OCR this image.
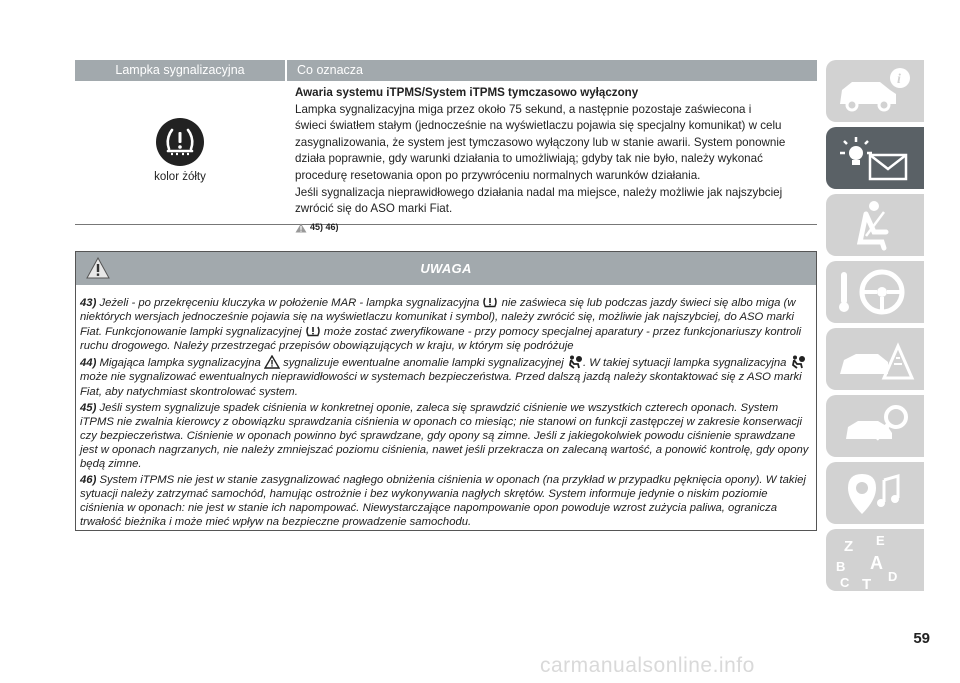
Lampka sygnalizacyjna	Co oznacza
kolor żółty
Awaria systemu iTPMS/System iTPMS tymczasowo wyłączony
Lampka sygnalizacyjna miga przez około 75 sekund, a następnie pozostaje zaświecona i
świeci światłem stałym (jednocześnie na wyświetlaczu pojawia się specjalny komunikat) w celu
zasygnalizowania, że system jest tymczasowo wyłączony lub w stanie awarii. System ponownie
działa poprawnie, gdy warunki działania to umożliwiają; gdyby tak nie było, należy wykonać
procedurę resetowania opon po przywróceniu normalnych warunków działania.
Jeśli sygnalizacja nieprawidłowego działania nadal ma miejsce, należy możliwie jak najszybciej
zwrócić się do ASO marki Fiat.
45) 46)
UWAGA

43) Jeżeli - po przekręceniu kluczyka w położenie MAR - lampka sygnalizacyjna  nie zaświeca się lub podczas jazdy świeci się albo miga (w niektórych wersjach jednocześnie pojawia się na wyświetlaczu komunikat i symbol), należy zwrócić się, możliwie jak najszybciej, do ASO marki Fiat. Funkcjonowanie lampki sygnalizacyjnej  może zostać zweryfikowane - przy pomocy specjalnej aparatury - przez funkcjonariuszy kontroli ruchu drogowego. Należy przestrzegać przepisów obowiązujących w kraju, w którym się podróżuje

44) Migająca lampka sygnalizacyjna  sygnalizuje ewentualne anomalie lampki sygnalizacyjnej . W takiej sytuacji lampka sygnalizacyjna  może nie sygnalizować ewentualnych nieprawidłowości w systemach bezpieczeństwa. Przed dalszą jazdą należy skontaktować się z ASO marki Fiat, aby natychmiast skontrolować system.

45) Jeśli system sygnalizuje spadek ciśnienia w konkretnej oponie, zaleca się sprawdzić ciśnienie we wszystkich czterech oponach. System iTPMS nie zwalnia kierowcy z obowiązku sprawdzania ciśnienia w oponach co miesiąc; nie stanowi on funkcji zastępczej w zakresie konserwacji czy bezpieczeństwa. Ciśnienie w oponach powinno być sprawdzane, gdy opony są zimne. Jeśli z jakiegokolwiek powodu ciśnienie sprawdzane jest w oponach nagrzanych, nie należy zmniejszać poziomu ciśnienia, nawet jeśli przekracza on zalecaną wartość, a ponowić kontrolę, gdy opony będą zimne.

46) System iTPMS nie jest w stanie zasygnalizować nagłego obniżenia ciśnienia w oponach (na przykład w przypadku pęknięcia opony). W takiej sytuacji należy zatrzymać samochód, hamując ostrożnie i bez wykonywania nagłych skrętów. System informuje jedynie o niskim poziomie ciśnienia w oponach: nie jest w stanie ich napompować. Niewystarczające napompowanie opon powoduje wzrost zużycia paliwa, ogranicza trwałość bieżnika i może mieć wpływ na bezpieczne prowadzenie samochodu.

i
Z E
B A
C T D
59
carmanualsonline.info
